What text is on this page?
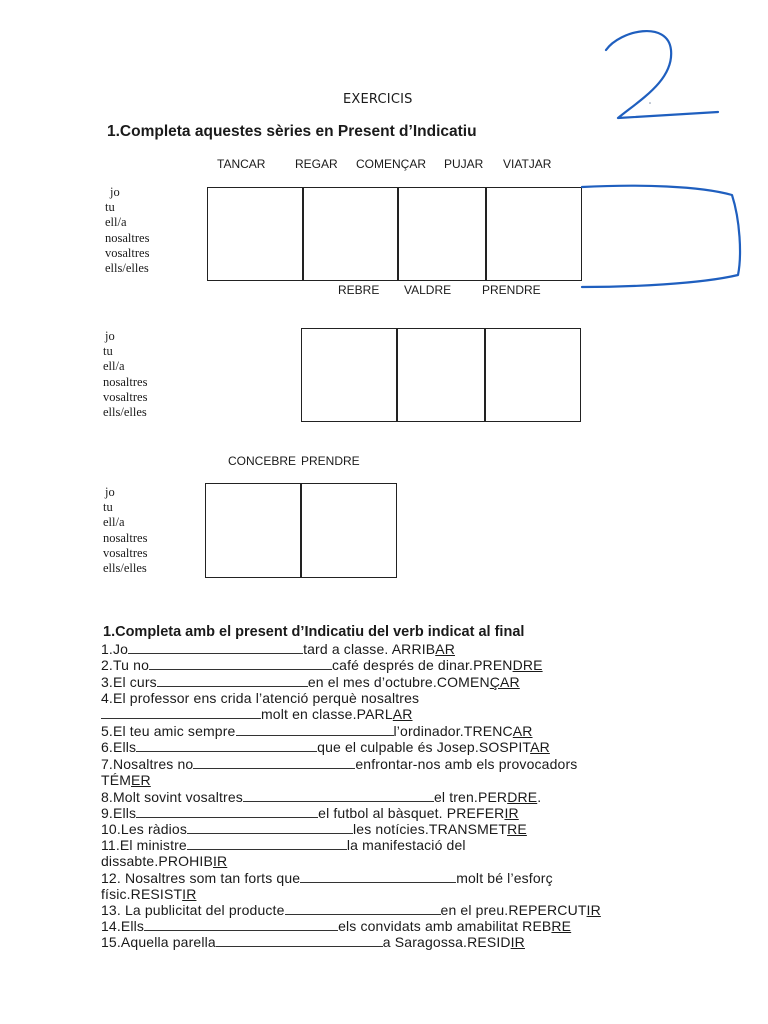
EXERCICIS
1.Completa aquestes sèries en Present d’Indicatiu
TANCAR REGAR COMENÇAR PUJAR VIATJAR
jo
tu
ell/a
nosaltres
vosaltres
ells/elles
REBRE VALDRE	PRENDRE
jo
tu
ell/a
nosaltres
vosaltres
ells/elles
CONCEBRE PRENDRE
jo
tu
ell/a
nosaltres
vosaltres
ells/elles
1.Completa amb el present d’Indicatiu del verb indicat al final
1.Jo	tard a classe. ARRIBAR
2.Tu no	café després de dinar.PRENDRE
3.El curs	en el mes d’octubre.COMENÇAR
4.El professor ens crida l’atenció perquè nosaltres
molt en classe.PARLAR
5.El teu amic sempre	l’ordinador.TRENCAR
6.Ells	que el culpable és Josep.SOSPITAR
7.Nosaltres no	enfrontar-nos amb els provocadors
TÉMER
8.Molt sovint vosaltres	el tren.PERDRE.
9.Ells	el futbol al bàsquet. PREFERIR
10.Les ràdios	les notícies.TRANSMETRE
11.El ministre	la manifestació del
dissabte.PROHIBIR
12. Nosaltres som tan forts que	molt bé l’esforç
físic.RESISTIR
13. La publicitat del producte	en el preu.REPERCUTIR
14.Ells	els convidats amb amabilitat REBRE
15.Aquella parella	a Saragossa.RESIDIR
